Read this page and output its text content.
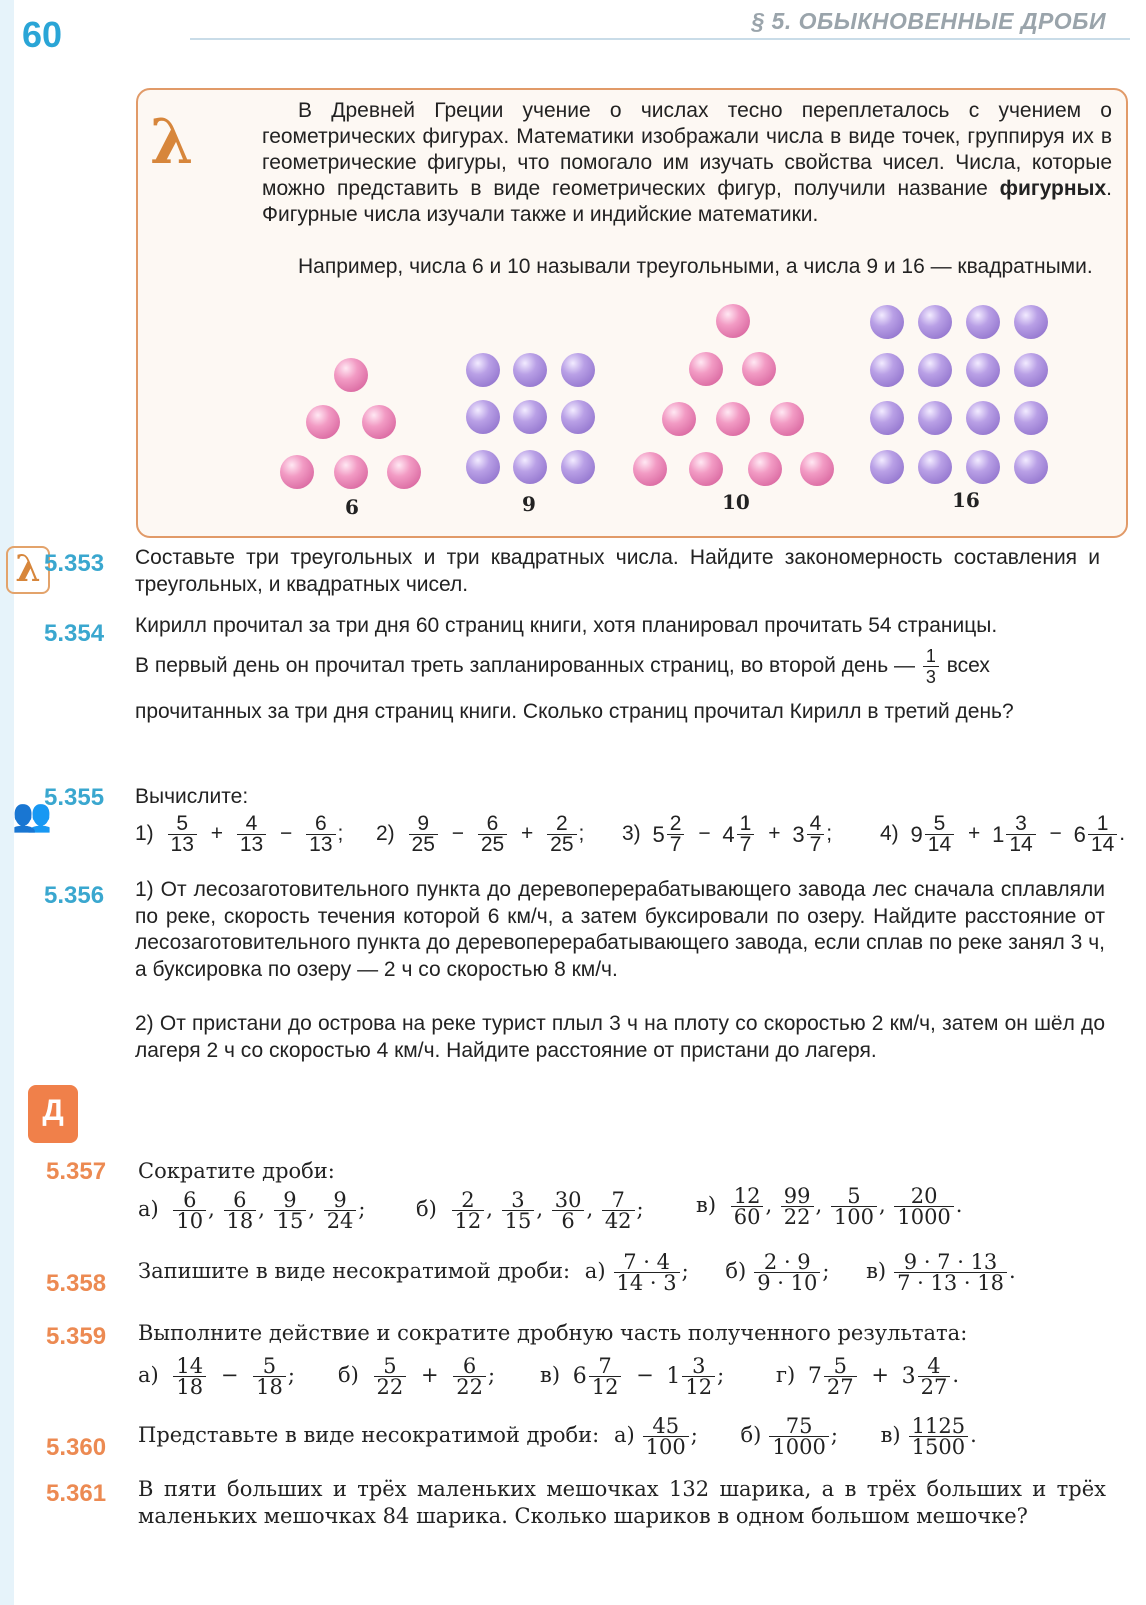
60	§ 5. ОБЫКНОВЕННЫЕ ДРОБИ
λ	В Древней Греции учение о числах тесно переплеталось с учением о геометрических фигурах. Математики изображали числа в виде точек, группируя их в геометрические фигуры, что помогало им изучать свойства чисел. Числа, которые можно представить в виде геометрических фигур, получили название фигурных. Фигурные числа изучали также и индийские математики.
Например, числа 6 и 10 называли треугольными, а числа 9 и 16 — квадратными.
6	9	10	16
λ 5.353 Составьте три треугольных и три квадратных числа. Найдите закономерность составления и треугольных, и квадратных чисел.
5.354 Кирилл прочитал за три дня 60 страниц книги, хотя планировал прочитать 54 страницы.
В первый день он прочитал треть запланированных страниц, во второй день — $\frac{1}{3}$ всех
прочитанных за три дня страниц книги. Сколько страниц прочитал Кирилл в третий день?
👥
5.355 Вычислите:
$1) \frac{5}{13} + \frac{4}{13} - \frac{6}{13}$ ; $2) \frac{9}{25} - \frac{6}{25} + \frac{2}{25}$ ; 3) $5 \frac{2}{7} - 4 \frac{1}{7} + 3 \frac{4}{7}$ ; 4) $9 \frac{5}{14} + 1 \frac{3}{14} - 6 \frac{1}{14}$ .
5.356 1) От лесозаготовительного пункта до деревоперерабатывающего завода лес сначала сплавляли по реке, скорость течения которой 6 км/ч, а затем буксировали по озеру. Найдите расстояние от лесозаготовительного пункта до деревоперерабатывающего завода, если сплав по реке занял 3 ч, а буксировка по озеру — 2 ч со скоростью 8 км/ч.
2) От пристани до острова на реке турист плыл 3 ч на плоту со скоростью 2 км/ч, затем он шёл до лагеря 2 ч со скоростью 4 км/ч. Найдите расстояние от пристани до лагеря.
Д
5.357 Сократите дроби:
$а) \frac{6}{10}$ , $\frac{6}{18}$ , $\frac{9}{15}$ , $\frac{9}{24}$ ; $б) \frac{2}{12}$ , $\frac{3}{15}$ , $\frac{30}{6}$ , $\frac{7}{42}$ ; $в) \frac{12}{60}$ , $\frac{99}{22}$ , $\frac{5}{100}$ , $\frac{20}{1000}$ .
5.358 Запишите в виде несократимой дроби: $а) \frac{7 \cdot 4}{14 \cdot 3}$ ; $б) \frac{2 \cdot 9}{9 \cdot 10}$ ; $в) \frac{9 \cdot 7 \cdot 13}{7 \cdot 13 \cdot 18}$ .
5.359 Выполните действие и сократите дробную часть полученного результата:
$а) \frac{14}{18} - \frac{5}{18}$ ; $б) \frac{5}{22} + \frac{6}{22}$ ; в) $6 \frac{7}{12} - 1 \frac{3}{12}$ ; г) $7 \frac{5}{27} + 3 \frac{4}{27}$ .
5.360 Представьте в виде несократимой дроби: $а) \frac{45}{100}$ ; $б) \frac{75}{1000}$ ; $в) \frac{1125}{1500}$ .
5.361 В пяти больших и трёх маленьких мешочках 132 шарика, а в трёх больших и трёх маленьких мешочках 84 шарика. Сколько шариков в одном большом мешочке?
